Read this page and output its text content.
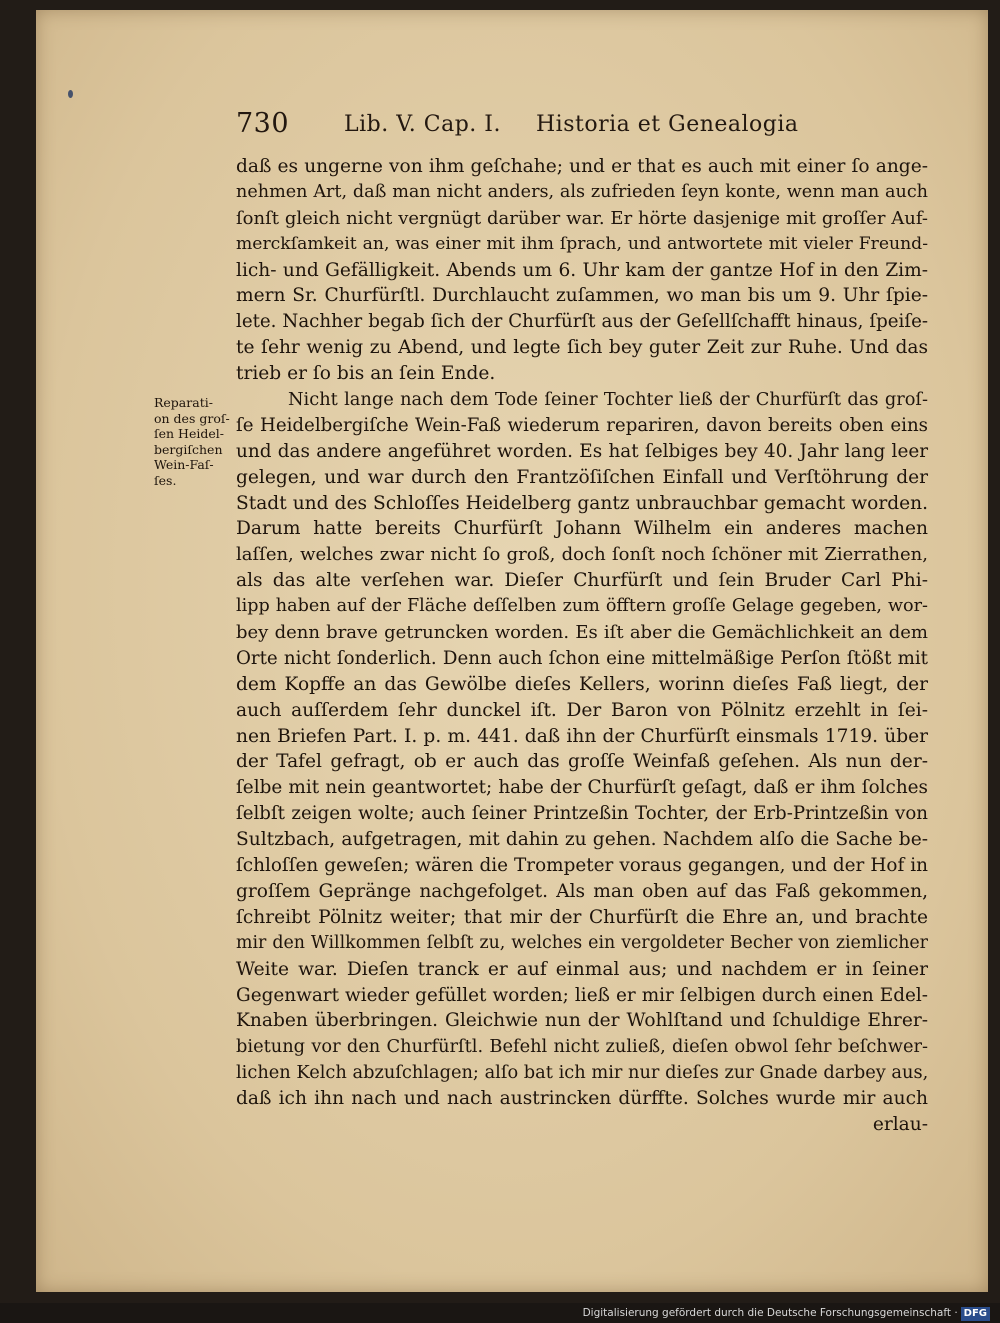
730 Lib. V. Cap. I. Historia et Genealogia
Reparati-
on des groſ-
ſen Heidel-
bergiſchen
Wein-Faſ-
ſes.
daß es ungerne von ihm geſchahe; und er that es auch mit einer ſo ange-
nehmen Art, daß man nicht anders, als zufrieden ſeyn konte, wenn man auch
ſonſt gleich nicht vergnügt darüber war. Er hörte dasjenige mit groſſer Auf-
merckſamkeit an, was einer mit ihm ſprach, und antwortete mit vieler Freund-
lich- und Gefälligkeit. Abends um 6. Uhr kam der gantze Hof in den Zim-
mern Sr. Churfürſtl. Durchlaucht zuſammen, wo man bis um 9. Uhr ſpie-
lete. Nachher begab ſich der Churfürſt aus der Geſellſchafft hinaus, ſpeiſe-
te ſehr wenig zu Abend, und legte ſich bey guter Zeit zur Ruhe. Und das
trieb er ſo bis an ſein Ende.
Nicht lange nach dem Tode ſeiner Tochter ließ der Churfürſt das groſ-
ſe Heidelbergiſche Wein-Faß wiederum repariren, davon bereits oben eins
und das andere angeführet worden. Es hat ſelbiges bey 40. Jahr lang leer
gelegen, und war durch den Frantzöſiſchen Einfall und Verſtöhrung der
Stadt und des Schloſſes Heidelberg gantz unbrauchbar gemacht worden.
Darum hatte bereits Churfürſt Johann Wilhelm ein anderes machen
laſſen, welches zwar nicht ſo groß, doch ſonſt noch ſchöner mit Zierrathen,
als das alte verſehen war. Dieſer Churfürſt und ſein Bruder Carl Phi-
lipp haben auf der Fläche deſſelben zum öfftern groſſe Gelage gegeben, wor-
bey denn brave getruncken worden. Es iſt aber die Gemächlichkeit an dem
Orte nicht ſonderlich. Denn auch ſchon eine mittelmäßige Perſon ſtößt mit
dem Kopffe an das Gewölbe dieſes Kellers, worinn dieſes Faß liegt, der
auch auſſerdem ſehr dunckel iſt. Der Baron von Pölnitz erzehlt in ſei-
nen Briefen Part. I. p. m. 441. daß ihn der Churfürſt einsmals 1719. über
der Tafel gefragt, ob er auch das groſſe Weinfaß geſehen. Als nun der-
ſelbe mit nein geantwortet; habe der Churfürſt geſagt, daß er ihm ſolches
ſelbſt zeigen wolte; auch ſeiner Printzeßin Tochter, der Erb-Printzeßin von
Sultzbach, aufgetragen, mit dahin zu gehen. Nachdem alſo die Sache be-
ſchloſſen geweſen; wären die Trompeter voraus gegangen, und der Hof in
groſſem Gepränge nachgefolget. Als man oben auf das Faß gekommen,
ſchreibt Pölnitz weiter; that mir der Churfürſt die Ehre an, und brachte
mir den Willkommen ſelbſt zu, welches ein vergoldeter Becher von ziemlicher
Weite war. Dieſen tranck er auf einmal aus; und nachdem er in ſeiner
Gegenwart wieder gefüllet worden; ließ er mir ſelbigen durch einen Edel-
Knaben überbringen. Gleichwie nun der Wohlſtand und ſchuldige Ehrer-
bietung vor den Churfürſtl. Befehl nicht zuließ, dieſen obwol ſehr beſchwer-
lichen Kelch abzuſchlagen; alſo bat ich mir nur dieſes zur Gnade darbey aus,
daß ich ihn nach und nach austrincken dürffte. Solches wurde mir auch
erlau-
Digitalisierung gefördert durch die Deutsche Forschungsgemeinschaft · DFG
